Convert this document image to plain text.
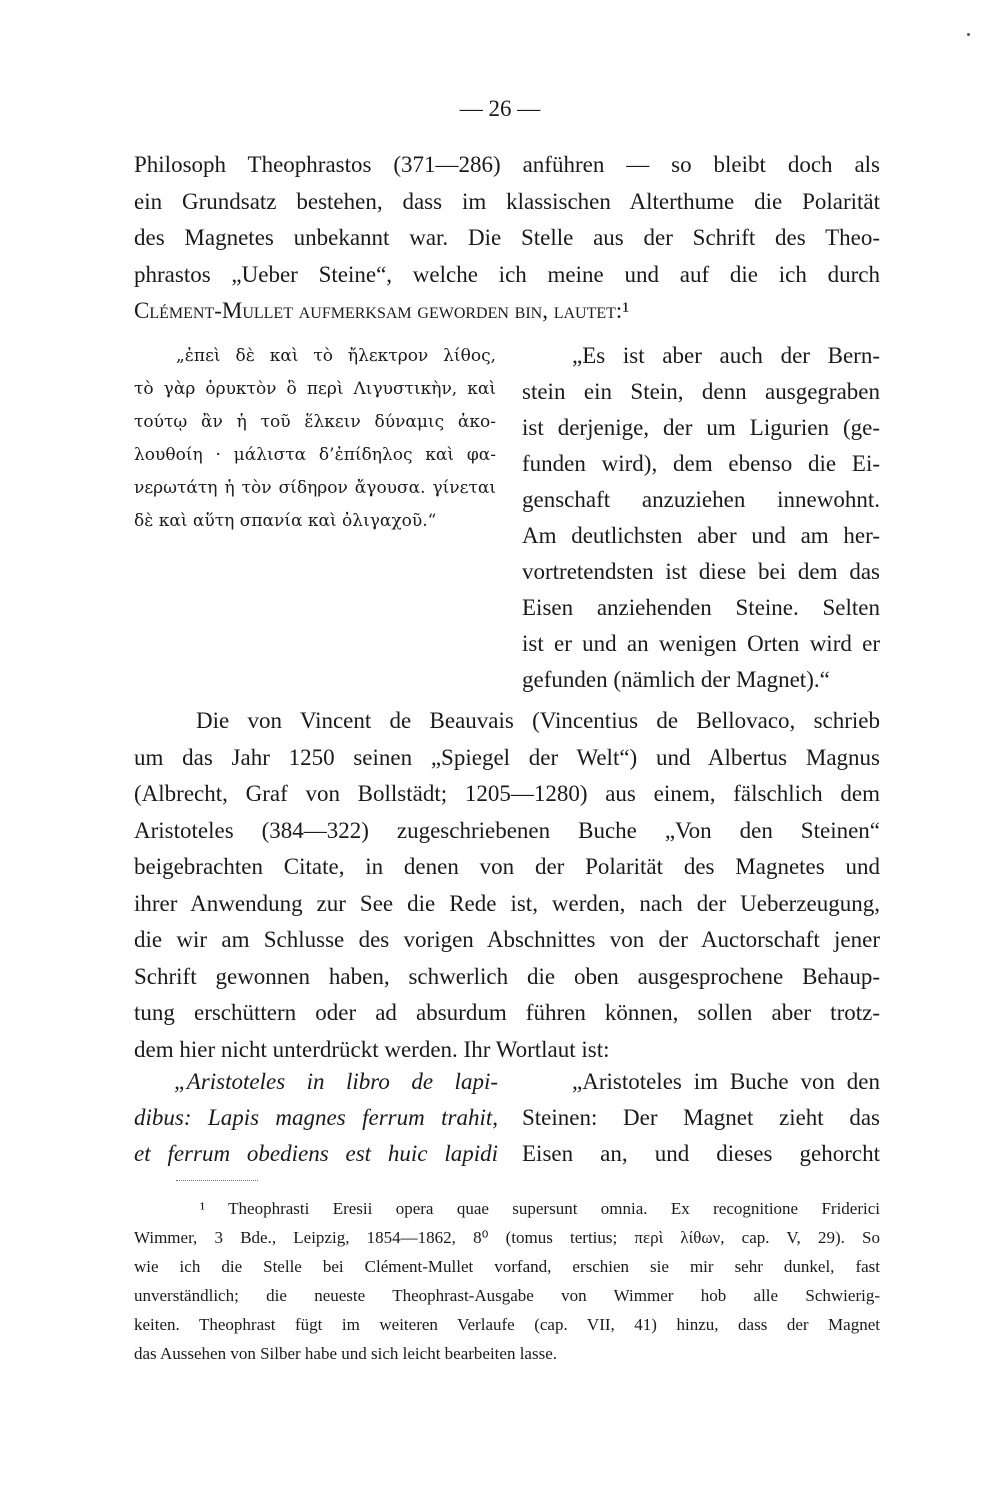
— 26 —
Philosoph Theophrastos (371—286) anführen — so bleibt doch als
ein Grundsatz bestehen, dass im klassischen Alterthume die Polarität
des Magnetes unbekannt war. Die Stelle aus der Schrift des Theo-
phrastos „Ueber Steine“, welche ich meine und auf die ich durch
Clément-Mullet aufmerksam geworden bin, lautet:¹
„ἐπεὶ δὲ καὶ τὸ ἤλεκτρον λίθος,
τὸ γὰρ ὀρυκτὸν ὃ περὶ Λιγυστικὴν, καὶ
τούτῳ ἂν ἡ τοῦ ἕλκειν δύναμις ἀκο-
λουθοίη · μάλιστα δ’ἐπίδηλος καὶ φα-
νερωτάτη ἡ τὸν σίδηρον ἄγουσα. γίνεται
δὲ καὶ αὕτη σπανία καὶ ὀλιγαχοῦ.“
„Es ist aber auch der Bern-
stein ein Stein, denn ausgegraben
ist derjenige, der um Ligurien (ge-
funden wird), dem ebenso die Ei-
genschaft anzuziehen innewohnt.
Am deutlichsten aber und am her-
vortretendsten ist diese bei dem das
Eisen anziehenden Steine. Selten
ist er und an wenigen Orten wird er
gefunden (nämlich der Magnet).“
Die von Vincent de Beauvais (Vincentius de Bellovaco, schrieb
um das Jahr 1250 seinen „Spiegel der Welt“) und Albertus Magnus
(Albrecht, Graf von Bollstädt; 1205—1280) aus einem, fälschlich dem
Aristoteles (384—322) zugeschriebenen Buche „Von den Steinen“
beigebrachten Citate, in denen von der Polarität des Magnetes und
ihrer Anwendung zur See die Rede ist, werden, nach der Ueberzeugung,
die wir am Schlusse des vorigen Abschnittes von der Auctorschaft jener
Schrift gewonnen haben, schwerlich die oben ausgesprochene Behaup-
tung erschüttern oder ad absurdum führen können, sollen aber trotz-
dem hier nicht unterdrückt werden. Ihr Wortlaut ist:
„Aristoteles in libro de lapi-
dibus: Lapis magnes ferrum trahit,
et ferrum obediens est huic lapidi
„Aristoteles im Buche von den
Steinen: Der Magnet zieht das
Eisen an, und dieses gehorcht
¹ Theophrasti Eresii opera quae supersunt omnia. Ex recognitione Friderici
Wimmer, 3 Bde., Leipzig, 1854—1862, 8⁰ (tomus tertius; περὶ λίθων, cap. V, 29). So
wie ich die Stelle bei Clément-Mullet vorfand, erschien sie mir sehr dunkel, fast
unverständlich; die neueste Theophrast-Ausgabe von Wimmer hob alle Schwierig-
keiten. Theophrast fügt im weiteren Verlaufe (cap. VII, 41) hinzu, dass der Magnet
das Aussehen von Silber habe und sich leicht bearbeiten lasse.
